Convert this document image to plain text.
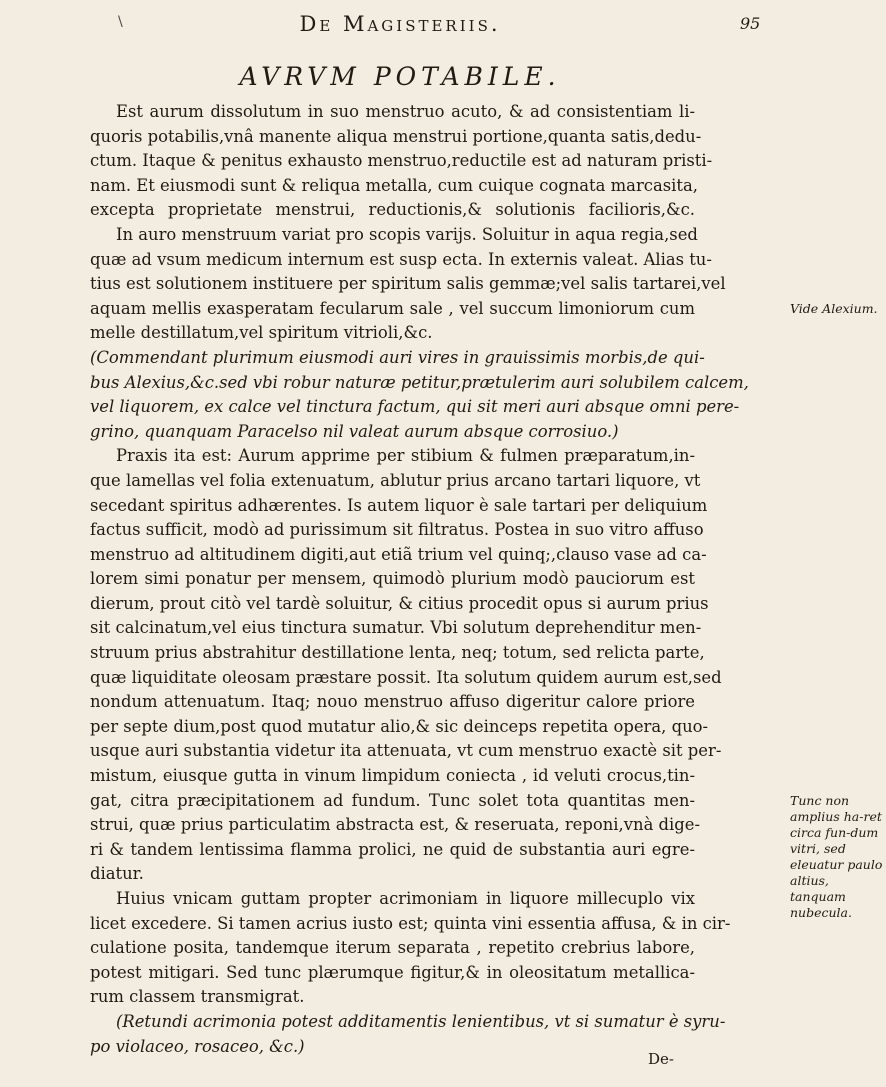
\	De Magisteriis.	95
AVRVM POTABILE.
Est aurum dissolutum in suo menstruo acuto, & ad consistentiam li-
quoris potabilis,vnâ manente aliqua menstrui portione,quanta satis,dedu-
ctum. Itaque & penitus exhausto menstruo,reductile est ad naturam pristi-
nam. Et eiusmodi sunt & reliqua metalla, cum cuique cognata marcasita,
excepta proprietate menstrui, reductionis,& solutionis facilioris,&c.
In auro menstruum variat pro scopis varijs. Soluitur in aqua regia,sed
quæ ad vsum medicum internum est susp ecta. In externis valeat. Alias tu-
tius est solutionem instituere per spiritum salis gemmæ;vel salis tartarei,vel
aquam mellis exasperatam fecularum sale , vel succum limoniorum cum
melle destillatum,vel spiritum vitrioli,&c.
(Commendant plurimum eiusmodi auri vires in grauissimis morbis,de qui-
bus Alexius,&c.sed vbi robur naturæ petitur,prætulerim auri solubilem calcem,
vel liquorem, ex calce vel tinctura factum, qui sit meri auri absque omni pere-
grino, quanquam Paracelso nil valeat aurum absque corrosiuo.)
Praxis ita est: Aurum apprime per stibium & fulmen præparatum,in-
que lamellas vel folia extenuatum, ablutur prius arcano tartari liquore, vt
secedant spiritus adhærentes. Is autem liquor è sale tartari per deliquium
factus sufficit, modò ad purissimum sit filtratus. Postea in suo vitro affuso
menstruo ad altitudinem digiti,aut etiã trium vel quinq;,clauso vase ad ca-
lorem simi ponatur per mensem, quimodò plurium modò pauciorum est
dierum, prout citò vel tardè soluitur, & citius procedit opus si aurum prius
sit calcinatum,vel eius tinctura sumatur. Vbi solutum deprehenditur men-
struum prius abstrahitur destillatione lenta, neq; totum, sed relicta parte,
quæ liquiditate oleosam præstare possit. Ita solutum quidem aurum est,sed
nondum attenuatum. Itaq; nouo menstruo affuso digeritur calore priore
per septe dium,post quod mutatur alio,& sic deinceps repetita opera, quo-
usque auri substantia videtur ita attenuata, vt cum menstruo exactè sit per-
mistum, eiusque gutta in vinum limpidum coniecta , id veluti crocus,tin-
gat, citra præcipitationem ad fundum. Tunc solet tota quantitas men-
strui, quæ prius particulatim abstracta est, & reseruata, reponi,vnà dige-
ri & tandem lentissima flamma prolici, ne quid de substantia auri egre-
diatur.
Huius vnicam guttam propter acrimoniam in liquore millecuplo vix
licet excedere. Si tamen acrius iusto est; quinta vini essentia affusa, & in cir-
culatione posita, tandemque iterum separata , repetito crebrius labore,
potest mitigari. Sed tunc plærumque figitur,& in oleositatum metallica-
rum classem transmigrat.
(Retundi acrimonia potest additamentis lenientibus, vt si sumatur è syru-
po violaceo, rosaceo, &c.)
Vide Alexium.
Tunc non amplius ha-ret circa fun-dum vitri, sed eleuatur paulo altius, tanquam nubecula.
De-
